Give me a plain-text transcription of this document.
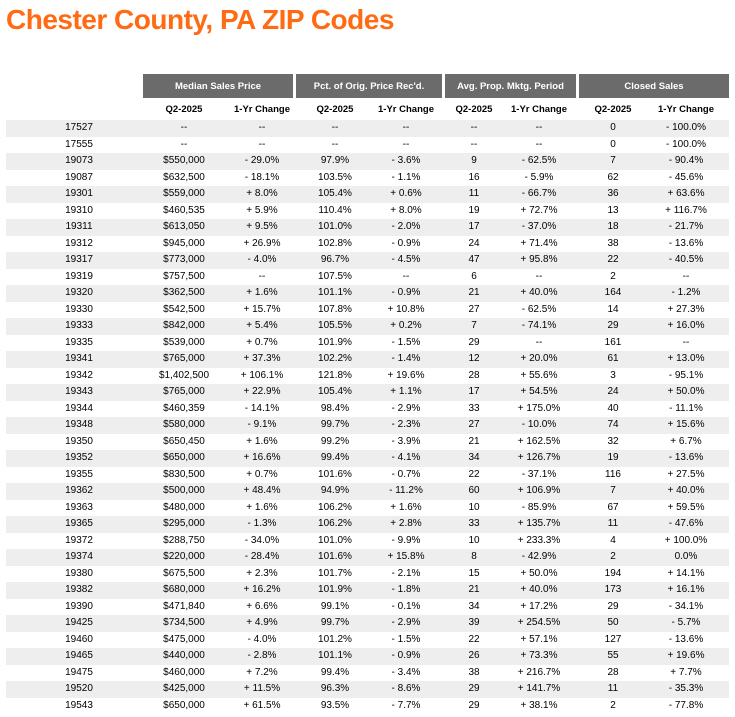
Chester County, PA ZIP Codes
Median Sales Price	Pct. of Orig. Price Rec'd.	Avg. Prop. Mktg. Period	Closed Sales
Q2-2025	1-Yr Change	Q2-2025	1-Yr Change	Q2-2025	1-Yr Change	Q2-2025	1-Yr Change
17527	--	--	--	--	--	--	0	- 100.0%
17555	--	--	--	--	--	--	0	- 100.0%
19073	$550,000	- 29.0%	97.9%	- 3.6%	9	- 62.5%	7	- 90.4%
19087	$632,500	- 18.1%	103.5%	- 1.1%	16	- 5.9%	62	- 45.6%
19301	$559,000	+ 8.0%	105.4%	+ 0.6%	11	- 66.7%	36	+ 63.6%
19310	$460,535	+ 5.9%	110.4%	+ 8.0%	19	+ 72.7%	13	+ 116.7%
19311	$613,050	+ 9.5%	101.0%	- 2.0%	17	- 37.0%	18	- 21.7%
19312	$945,000	+ 26.9%	102.8%	- 0.9%	24	+ 71.4%	38	- 13.6%
19317	$773,000	- 4.0%	96.7%	- 4.5%	47	+ 95.8%	22	- 40.5%
19319	$757,500	--	107.5%	--	6	--	2	--
19320	$362,500	+ 1.6%	101.1%	- 0.9%	21	+ 40.0%	164	- 1.2%
19330	$542,500	+ 15.7%	107.8%	+ 10.8%	27	- 62.5%	14	+ 27.3%
19333	$842,000	+ 5.4%	105.5%	+ 0.2%	7	- 74.1%	29	+ 16.0%
19335	$539,000	+ 0.7%	101.9%	- 1.5%	29	--	161	--
19341	$765,000	+ 37.3%	102.2%	- 1.4%	12	+ 20.0%	61	+ 13.0%
19342	$1,402,500	+ 106.1%	121.8%	+ 19.6%	28	+ 55.6%	3	- 95.1%
19343	$765,000	+ 22.9%	105.4%	+ 1.1%	17	+ 54.5%	24	+ 50.0%
19344	$460,359	- 14.1%	98.4%	- 2.9%	33	+ 175.0%	40	- 11.1%
19348	$580,000	- 9.1%	99.7%	- 2.3%	27	- 10.0%	74	+ 15.6%
19350	$650,450	+ 1.6%	99.2%	- 3.9%	21	+ 162.5%	32	+ 6.7%
19352	$650,000	+ 16.6%	99.4%	- 4.1%	34	+ 126.7%	19	- 13.6%
19355	$830,500	+ 0.7%	101.6%	- 0.7%	22	- 37.1%	116	+ 27.5%
19362	$500,000	+ 48.4%	94.9%	- 11.2%	60	+ 106.9%	7	+ 40.0%
19363	$480,000	+ 1.6%	106.2%	+ 1.6%	10	- 85.9%	67	+ 59.5%
19365	$295,000	- 1.3%	106.2%	+ 2.8%	33	+ 135.7%	11	- 47.6%
19372	$288,750	- 34.0%	101.0%	- 9.9%	10	+ 233.3%	4	+ 100.0%
19374	$220,000	- 28.4%	101.6%	+ 15.8%	8	- 42.9%	2	0.0%
19380	$675,500	+ 2.3%	101.7%	- 2.1%	15	+ 50.0%	194	+ 14.1%
19382	$680,000	+ 16.2%	101.9%	- 1.8%	21	+ 40.0%	173	+ 16.1%
19390	$471,840	+ 6.6%	99.1%	- 0.1%	34	+ 17.2%	29	- 34.1%
19425	$734,500	+ 4.9%	99.7%	- 2.9%	39	+ 254.5%	50	- 5.7%
19460	$475,000	- 4.0%	101.2%	- 1.5%	22	+ 57.1%	127	- 13.6%
19465	$440,000	- 2.8%	101.1%	- 0.9%	26	+ 73.3%	55	+ 19.6%
19475	$460,000	+ 7.2%	99.4%	- 3.4%	38	+ 216.7%	28	+ 7.7%
19520	$425,000	+ 11.5%	96.3%	- 8.6%	29	+ 141.7%	11	- 35.3%
19543	$650,000	+ 61.5%	93.5%	- 7.7%	29	+ 38.1%	2	- 77.8%
